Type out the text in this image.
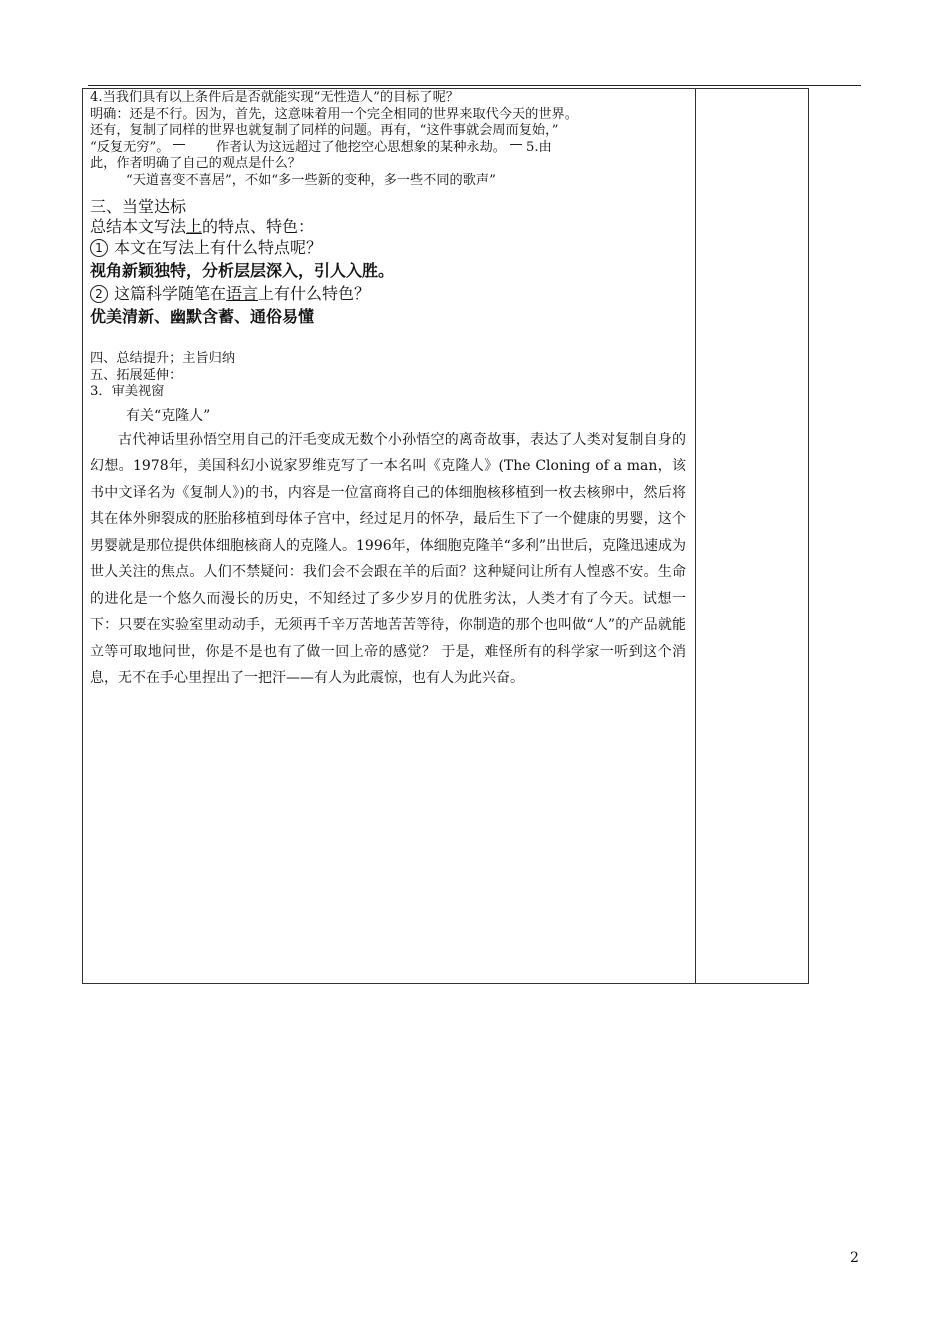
4.当我们具有以上条件后是否就能实现“无性造人”的目标了呢？

明确：还是不行。因为，首先，这意味着用一个完全相同的世界来取代今天的世界。

还有，复制了同样的世界也就复制了同样的问题。再有，“这件事就会周而复始，”

“反复无穷”。	作者认为这远超过了他挖空心思想象的某种永劫。 5.由

此，作者明确了自己的观点是什么？

“天道喜变不喜居”，不如“多一些新的变种，多一些不同的歌声”

三、当堂达标

总结本文写法上的特点、特色：

1 本文在写法上有什么特点呢？

视角新颖独特，分析层层深入，引人入胜。

2 这篇科学随笔在语言上有什么特色？

优美清新、幽默含蓄、通俗易懂

四、总结提升；主旨归纳

五、拓展延伸：

3．审美视窗

有关“克隆人”

古代神话里孙悟空用自己的汗毛变成无数个小孙悟空的离奇故事，表达了人类对复制自身的幻想。1978年，美国科幻小说家罗维克写了一本名叫《克隆人》(The Cloning of a man，该书中文译名为《复制人》)的书，内容是一位富商将自己的体细胞核移植到一枚去核卵中，然后将其在体外卵裂成的胚胎移植到母体子宫中，经过足月的怀孕，最后生下了一个健康的男婴，这个男婴就是那位提供体细胞核商人的克隆人。1996年，体细胞克隆羊“多利”出世后，克隆迅速成为世人关注的焦点。人们不禁疑问：我们会不会跟在羊的后面？这种疑问让所有人惶惑不安。生命的进化是一个悠久而漫长的历史，不知经过了多少岁月的优胜劣汰，人类才有了今天。试想一下：只要在实验室里动动手，无须再千辛万苦地苦苦等待，你制造的那个也叫做“人”的产品就能立等可取地问世，你是不是也有了做一回上帝的感觉？ 于是，难怪所有的科学家一听到这个消息，无不在手心里捏出了一把汗——有人为此震惊，也有人为此兴奋。

2
